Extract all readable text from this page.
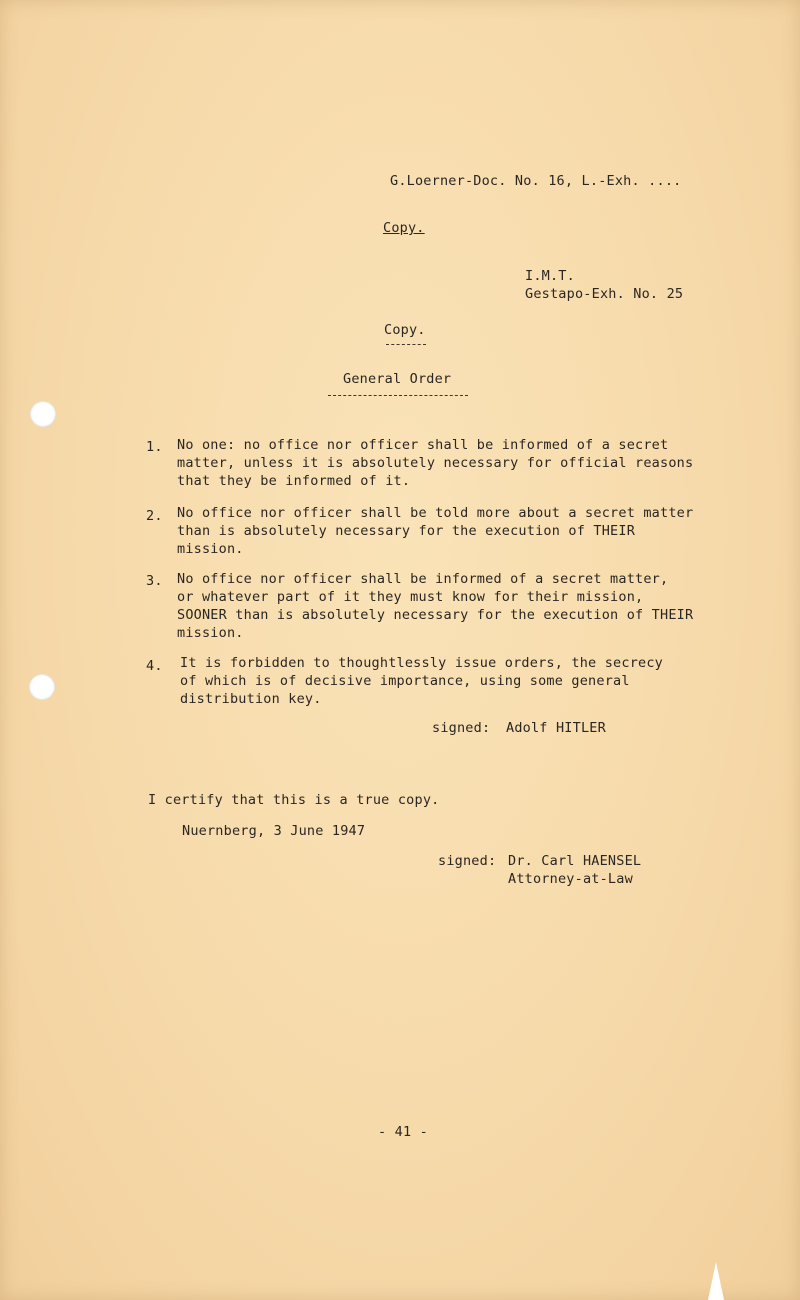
G.Loerner-Doc. No. 16, L.-Exh. ....
Copy.
I.M.T.
Gestapo-Exh. No. 25
Copy.
General Order
1. No one: no office nor officer shall be informed of a secret
matter, unless it is absolutely necessary for official reasons
that they be informed of it.
2. No office nor officer shall be told more about a secret matter
than is absolutely necessary for the execution of THEIR
mission.
3. No office nor officer shall be informed of a secret matter,
or whatever part of it they must know for their mission,
SOONER than is absolutely necessary for the execution of THEIR
mission.
4. It is forbidden to thoughtlessly issue orders, the secrecy
of which is of decisive importance, using some general
distribution key.
signed: Adolf HITLER
I certify that this is a true copy.
Nuernberg, 3 June 1947
signed: Dr. Carl HAENSEL
Attorney-at-Law
- 41 -
